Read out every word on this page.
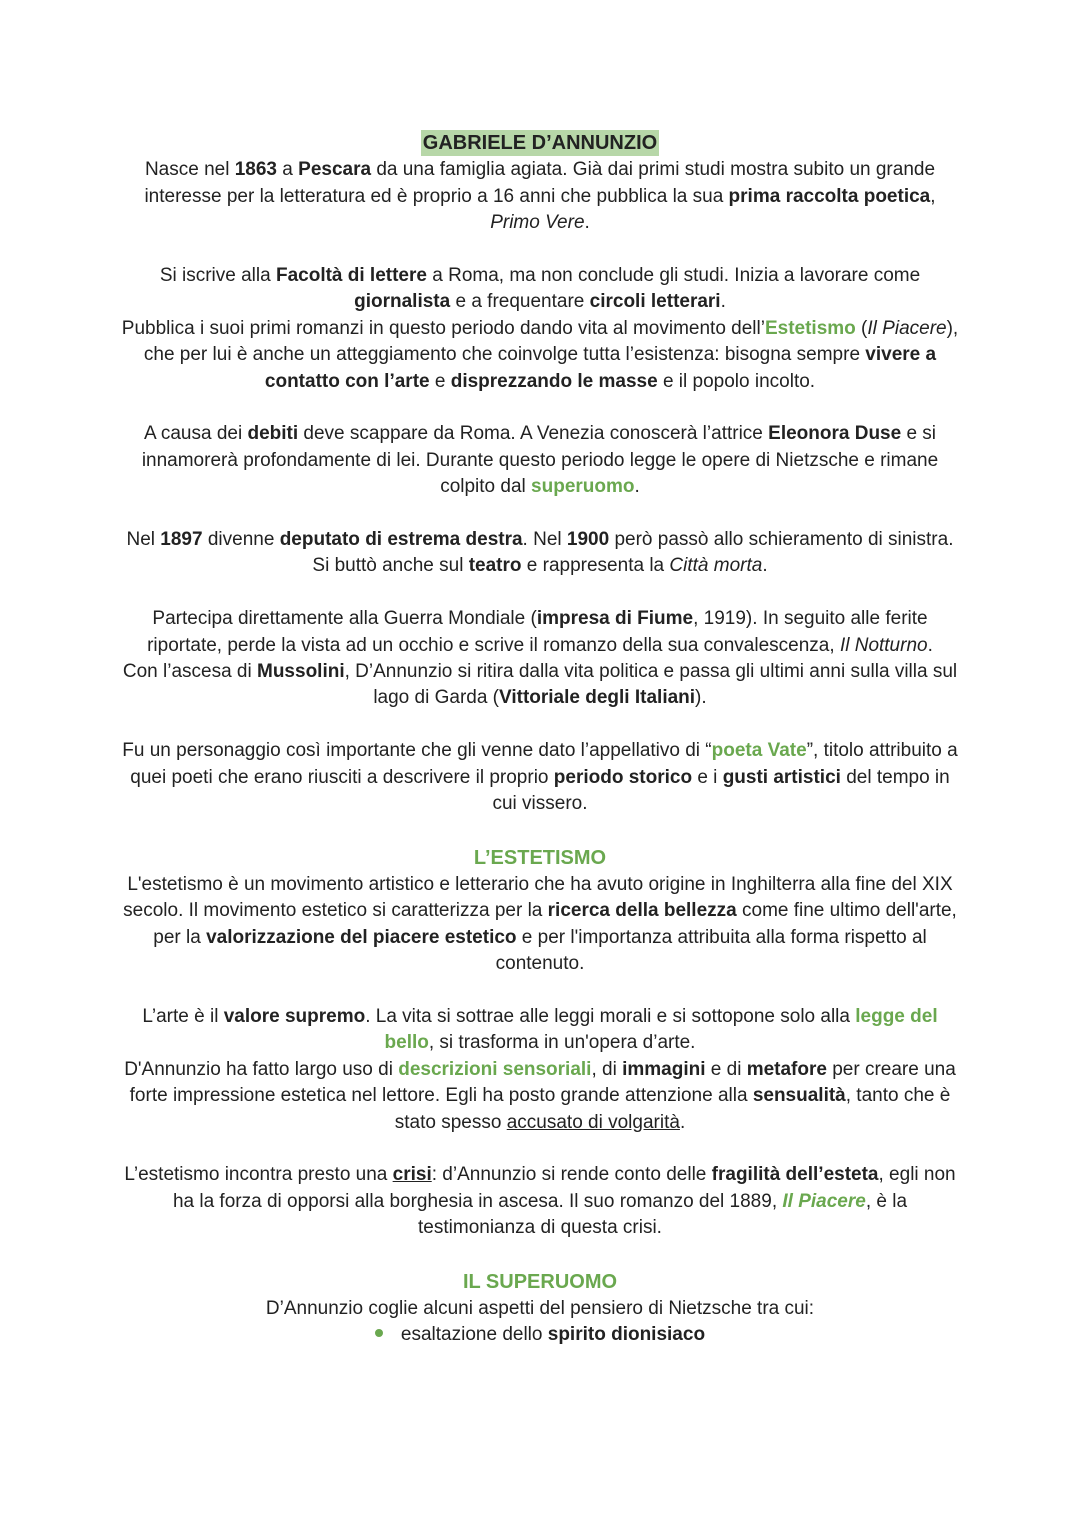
GABRIELE D’ANNUNZIO

Nasce nel 1863 a Pescara da una famiglia agiata. Già dai primi studi mostra subito un grande interesse per la letteratura ed è proprio a 16 anni che pubblica la sua prima raccolta poetica, Primo Vere.

Si iscrive alla Facoltà di lettere a Roma, ma non conclude gli studi. Inizia a lavorare come giornalista e a frequentare circoli letterari.

Pubblica i suoi primi romanzi in questo periodo dando vita al movimento dell’Estetismo (Il Piacere), che per lui è anche un atteggiamento che coinvolge tutta l’esistenza: bisogna sempre vivere a contatto con l’arte e disprezzando le masse e il popolo incolto.

A causa dei debiti deve scappare da Roma. A Venezia conoscerà l’attrice Eleonora Duse e si innamorerà profondamente di lei. Durante questo periodo legge le opere di Nietzsche e rimane colpito dal superuomo.

Nel 1897 divenne deputato di estrema destra. Nel 1900 però passò allo schieramento di sinistra. Si buttò anche sul teatro e rappresenta la Città morta.

Partecipa direttamente alla Guerra Mondiale (impresa di Fiume, 1919). In seguito alle ferite riportate, perde la vista ad un occhio e scrive il romanzo della sua convalescenza, Il Notturno.

Con l’ascesa di Mussolini, D’Annunzio si ritira dalla vita politica e passa gli ultimi anni sulla villa sul lago di Garda (Vittoriale degli Italiani).

Fu un personaggio così importante che gli venne dato l’appellativo di “poeta Vate”, titolo attribuito a quei poeti che erano riusciti a descrivere il proprio periodo storico e i gusti artistici del tempo in cui vissero.

L’ESTETISMO

L'estetismo è un movimento artistico e letterario che ha avuto origine in Inghilterra alla fine del XIX secolo. Il movimento estetico si caratterizza per la ricerca della bellezza come fine ultimo dell'arte, per la valorizzazione del piacere estetico e per l'importanza attribuita alla forma rispetto al contenuto.

L’arte è il valore supremo. La vita si sottrae alle leggi morali e si sottopone solo alla legge del bello, si trasforma in un'opera d’arte.

D'Annunzio ha fatto largo uso di descrizioni sensoriali, di immagini e di metafore per creare una forte impressione estetica nel lettore. Egli ha posto grande attenzione alla sensualità, tanto che è stato spesso accusato di volgarità.

L’estetismo incontra presto una crisi: d’Annunzio si rende conto delle fragilità dell’esteta, egli non ha la forza di opporsi alla borghesia in ascesa. Il suo romanzo del 1889, Il Piacere, è la testimonianza di questa crisi.

IL SUPERUOMO

D’Annunzio coglie alcuni aspetti del pensiero di Nietzsche tra cui:

esaltazione dello spirito dionisiaco
